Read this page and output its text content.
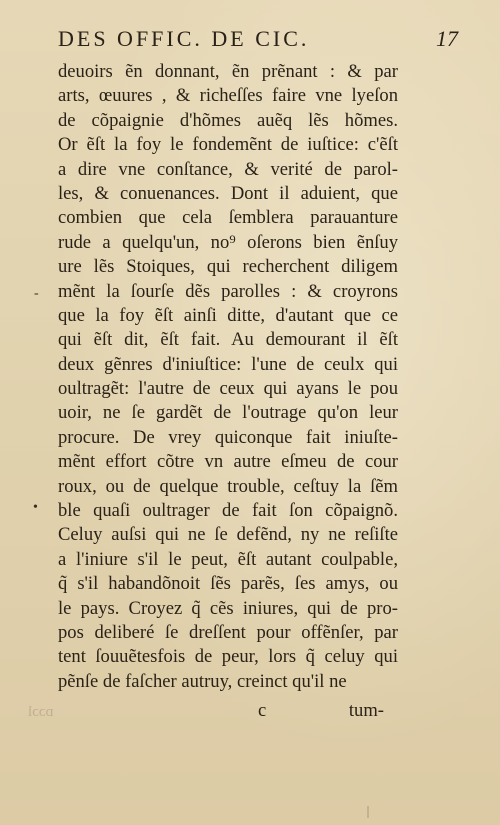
DES OFFIC. DE CIC.	17
deuoirs ẽn donnant, ẽn prẽnant : & par
arts, œuures , & richeſſes faire vne lyeſon
de cõpaignie d'hõmes auẽq lẽs hõmes.
Or ẽſt la foy le fondemẽnt de iuſtice: c'ẽſt
a dire vne conſtance, & verité de parol-
les, & conuenances. Dont il aduient, que
combien que cela ſemblera parauanture
rude a quelqu'un, no⁹ oſerons bien ẽnſuy
ure lẽs Stoiques, qui recherchent diligem
mẽnt la ſourſe dẽs parolles : & croyrons
que la foy ẽſt ainſi ditte, d'autant que ce
qui ẽſt dit, ẽſt fait. Au demourant il ẽſt
deux gẽnres d'iniuſtice: l'une de ceulx qui
oultragẽt: l'autre de ceux qui ayans le pou
uoir, ne ſe gardẽt de l'outrage qu'on leur
procure. De vrey quiconque fait iniuſte-
mẽnt effort cõtre vn autre eſmeu de cour
roux, ou de quelque trouble, ceſtuy la ſẽm
ble quaſi oultrager de fait ſon cõpaignõ.
Celuy auſsi qui ne ſe defẽnd, ny ne reſiſte
a l'iniure s'il le peut, ẽſt autant coulpable,
q̃ s'il habandõnoit ſẽs parẽs, ſes amys, ou
le pays. Croyez q̃ cẽs iniures, qui de pro-
pos deliberé ſe dreſſent pour offẽnſer, par
tent ſouuẽtesfois de peur, lors q̃ celuy qui
pẽnſe de faſcher autruy, creinct qu'il ne
c	tum-
ᴅɔɔl
-
•
